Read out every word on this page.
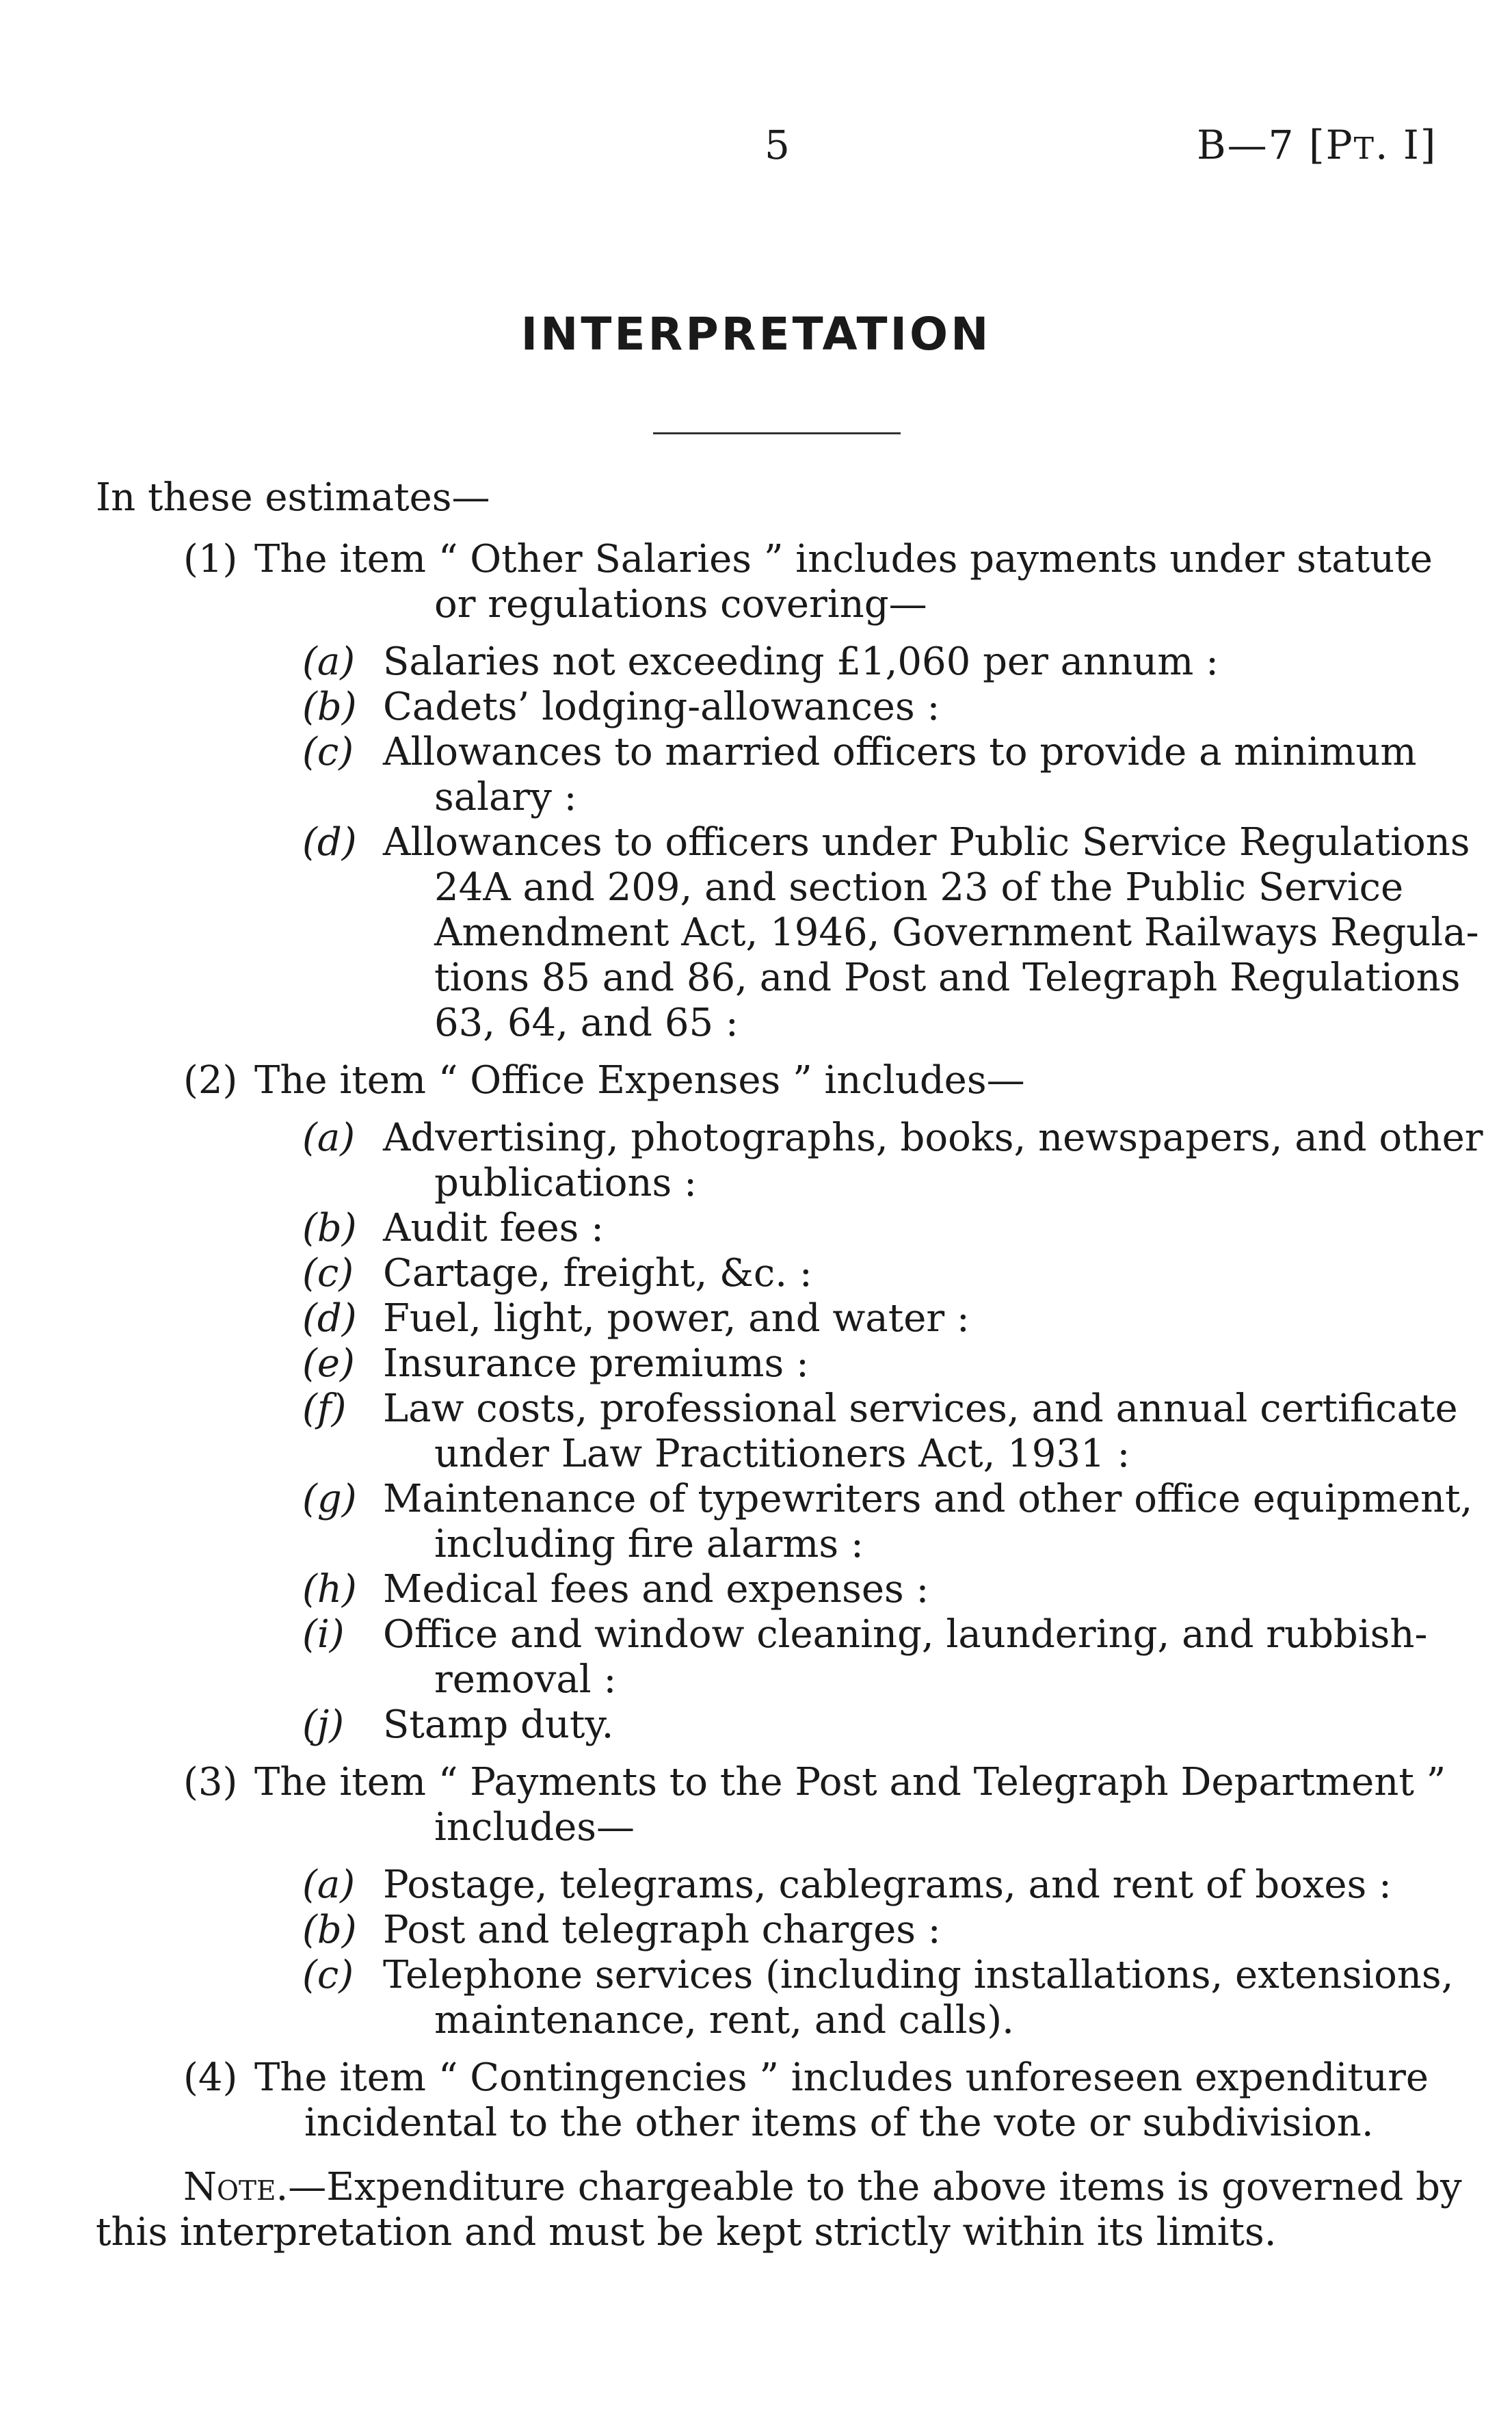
5	B—7 [PT. I]
INTERPRETATION
In these estimates—
(1) The item “ Other Salaries ” includes payments under statute
or regulations covering—
(a) Salaries not exceeding £1,060 per annum :
(b) Cadets’ lodging-allowances :
(c) Allowances to married officers to provide a minimum
salary :
(d) Allowances to officers under Public Service Regulations
24A and 209, and section 23 of the Public Service
Amendment Act, 1946, Government Railways Regula-
tions 85 and 86, and Post and Telegraph Regulations
63, 64, and 65 :
(2) The item “ Office Expenses ” includes—
(a) Advertising, photographs, books, newspapers, and other
publications :
(b) Audit fees :
(c) Cartage, freight, &c. :
(d) Fuel, light, power, and water :
(e) Insurance premiums :
(f) Law costs, professional services, and annual certificate
under Law Practitioners Act, 1931 :
(g) Maintenance of typewriters and other office equipment,
including fire alarms :
(h) Medical fees and expenses :
(i) Office and window cleaning, laundering, and rubbish-
removal :
(j) Stamp duty.
(3) The item “ Payments to the Post and Telegraph Department ”
includes—
(a) Postage, telegrams, cablegrams, and rent of boxes :
(b) Post and telegraph charges :
(c) Telephone services (including installations, extensions,
maintenance, rent, and calls).
(4) The item “ Contingencies ” includes unforeseen expenditure
incidental to the other items of the vote or subdivision.
Note.—Expenditure chargeable to the above items is governed by
this interpretation and must be kept strictly within its limits.
